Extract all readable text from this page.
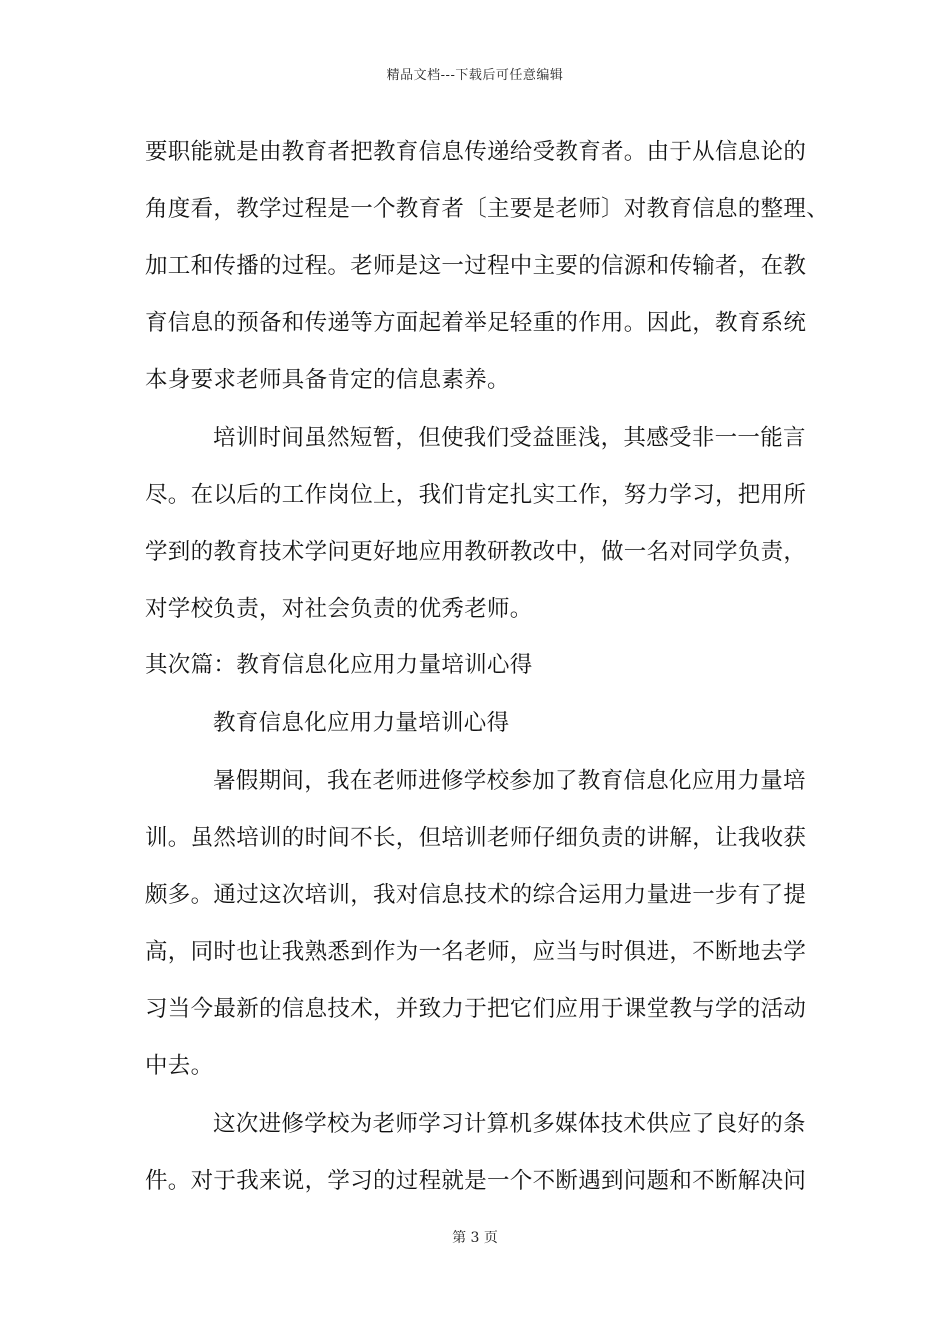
精品文档---下载后可任意编辑
要职能就是由教育者把教育信息传递给受教育者。由于从信息论的
角度看，教学过程是一个教育者〔主要是老师〕对教育信息的整理、
加工和传播的过程。老师是这一过程中主要的信源和传输者，在教
育信息的预备和传递等方面起着举足轻重的作用。因此，教育系统
本身要求老师具备肯定的信息素养。
培训时间虽然短暂，但使我们受益匪浅，其感受非一一能言
尽。在以后的工作岗位上，我们肯定扎实工作，努力学习，把用所
学到的教育技术学问更好地应用教研教改中，做一名对同学负责，
对学校负责，对社会负责的优秀老师。
其次篇：教育信息化应用力量培训心得
教育信息化应用力量培训心得
暑假期间，我在老师进修学校参加了教育信息化应用力量培
训。虽然培训的时间不长，但培训老师仔细负责的讲解，让我收获
颇多。通过这次培训，我对信息技术的综合运用力量进一步有了提
高，同时也让我熟悉到作为一名老师，应当与时俱进，不断地去学
习当今最新的信息技术，并致力于把它们应用于课堂教与学的活动
中去。
这次进修学校为老师学习计算机多媒体技术供应了良好的条
件。对于我来说，学习的过程就是一个不断遇到问题和不断解决问
第 3 页
